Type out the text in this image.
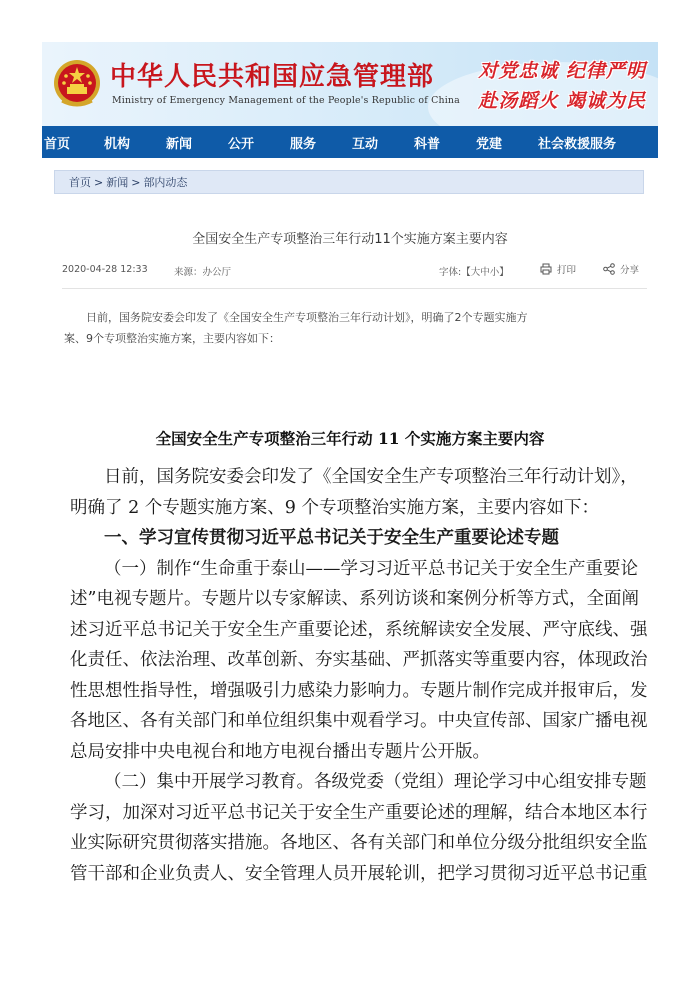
中华人民共和国应急管理部
Ministry of Emergency Management of the People's Republic of China
对党忠诚 纪律严明
赴汤蹈火 竭诚为民
首页	机构	新闻	公开	服务	互动	科普	党建	社会救援服务
首页 > 新闻 > 部内动态
全国安全生产专项整治三年行动11个实施方案主要内容
2020-04-28 12:33	来源：办公厅	字体:【大中小】	打印	分享
日前，国务院安委会印发了《全国安全生产专项整治三年行动计划》，明确了2个专题实施方
案、9个专项整治实施方案，主要内容如下：
全国安全生产专项整治三年行动 11 个实施方案主要内容
日前，国务院安委会印发了《全国安全生产专项整治三年行动计划》，
明确了 2 个专题实施方案、9 个专项整治实施方案，主要内容如下：
一、学习宣传贯彻习近平总书记关于安全生产重要论述专题
（一）制作“生命重于泰山——学习习近平总书记关于安全生产重要论
述”电视专题片。专题片以专家解读、系列访谈和案例分析等方式，全面阐
述习近平总书记关于安全生产重要论述，系统解读安全发展、严守底线、强
化责任、依法治理、改革创新、夯实基础、严抓落实等重要内容，体现政治
性思想性指导性，增强吸引力感染力影响力。专题片制作完成并报审后，发
各地区、各有关部门和单位组织集中观看学习。中央宣传部、国家广播电视
总局安排中央电视台和地方电视台播出专题片公开版。
（二）集中开展学习教育。各级党委（党组）理论学习中心组安排专题
学习，加深对习近平总书记关于安全生产重要论述的理解，结合本地区本行
业实际研究贯彻落实措施。各地区、各有关部门和单位分级分批组织安全监
管干部和企业负责人、安全管理人员开展轮训，把学习贯彻习近平总书记重
